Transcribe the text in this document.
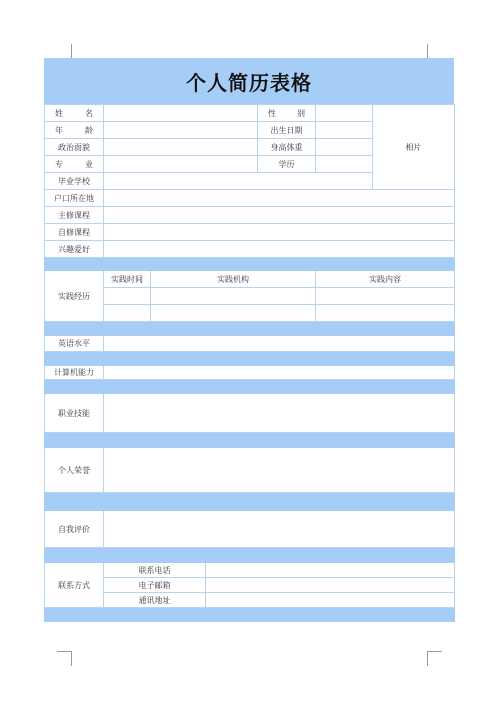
个人简历表格
姓 名				性 别		相片

年 龄				出生日期		
政治面貌				身高体重		

专 业				学历		
毕业学校						
户口所在地						
主修课程						
自修课程						
兴趣爱好						

实践经历	实践时间	实践机构			实践内容	

英语水平						

计算机能力						

职业技能						

个人荣誉						

自我评价						

联系方式	联系电话					
	电子邮箱					
	通讯地址					
